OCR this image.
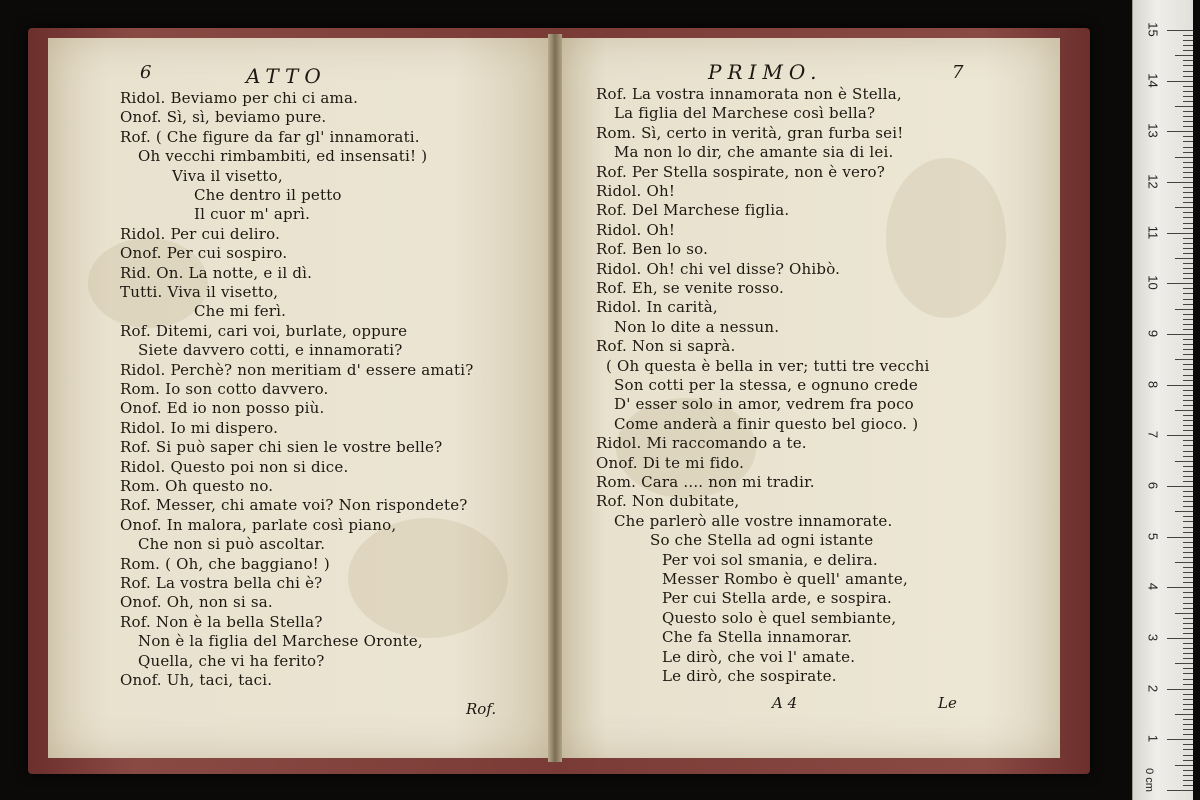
6	ATTO
Ridol. Beviamo per chi ci ama.
Onof. Sì, sì, beviamo pure.
Rof. ( Che figure da far gl' innamorati.
Oh vecchi rimbambiti, ed insensati! )
Viva il visetto,
Che dentro il petto
Il cuor m' aprì.
Ridol. Per cui deliro.
Onof. Per cui sospiro.
Rid. On. La notte, e il dì.
Tutti. Viva il visetto,
Che mi ferì.
Rof. Ditemi, cari voi, burlate, oppure
Siete davvero cotti, e innamorati?
Ridol. Perchè? non meritiam d' essere amati?
Rom. Io son cotto davvero.
Onof. Ed io non posso più.
Ridol. Io mi dispero.
Rof. Si può saper chi sien le vostre belle?
Ridol. Questo poi non si dice.
Rom. Oh questo no.
Rof. Messer, chi amate voi? Non rispondete?
Onof. In malora, parlate così piano,
Che non si può ascoltar.
Rom. ( Oh, che baggiano! )
Rof. La vostra bella chi è?
Onof. Oh, non si sa.
Rof. Non è la bella Stella?
Non è la figlia del Marchese Oronte,
Quella, che vi ha ferito?
Onof. Uh, taci, taci.
Rof.
PRIMO.	7
Rof. La vostra innamorata non è Stella,
La figlia del Marchese così bella?
Rom. Sì, certo in verità, gran furba sei!
Ma non lo dir, che amante sia di lei.
Rof. Per Stella sospirate, non è vero?
Ridol. Oh!
Rof. Del Marchese figlia.
Ridol. Oh!
Rof. Ben lo so.
Ridol. Oh! chi vel disse? Ohibò.
Rof. Eh, se venite rosso.
Ridol. In carità,
Non lo dite a nessun.
Rof. Non si saprà.
( Oh questa è bella in ver; tutti tre vecchi
Son cotti per la stessa, e ognuno crede
D' esser solo in amor, vedrem fra poco
Come anderà a finir questo bel gioco. )
Ridol. Mi raccomando a te.
Onof. Di te mi fido.
Rom. Cara .... non mi tradir.
Rof. Non dubitate,
Che parlerò alle vostre innamorate.
So che Stella ad ogni istante
Per voi sol smania, e delira.
Messer Rombo è quell' amante,
Per cui Stella arde, e sospira.
Questo solo è quel sembiante,
Che fa Stella innamorar.
Le dirò, che voi l' amate.
Le dirò, che sospirate.
A 4	Le
0 cm
1
2
3
4
5
6
7
8
9
10
11
12
13
14
15
